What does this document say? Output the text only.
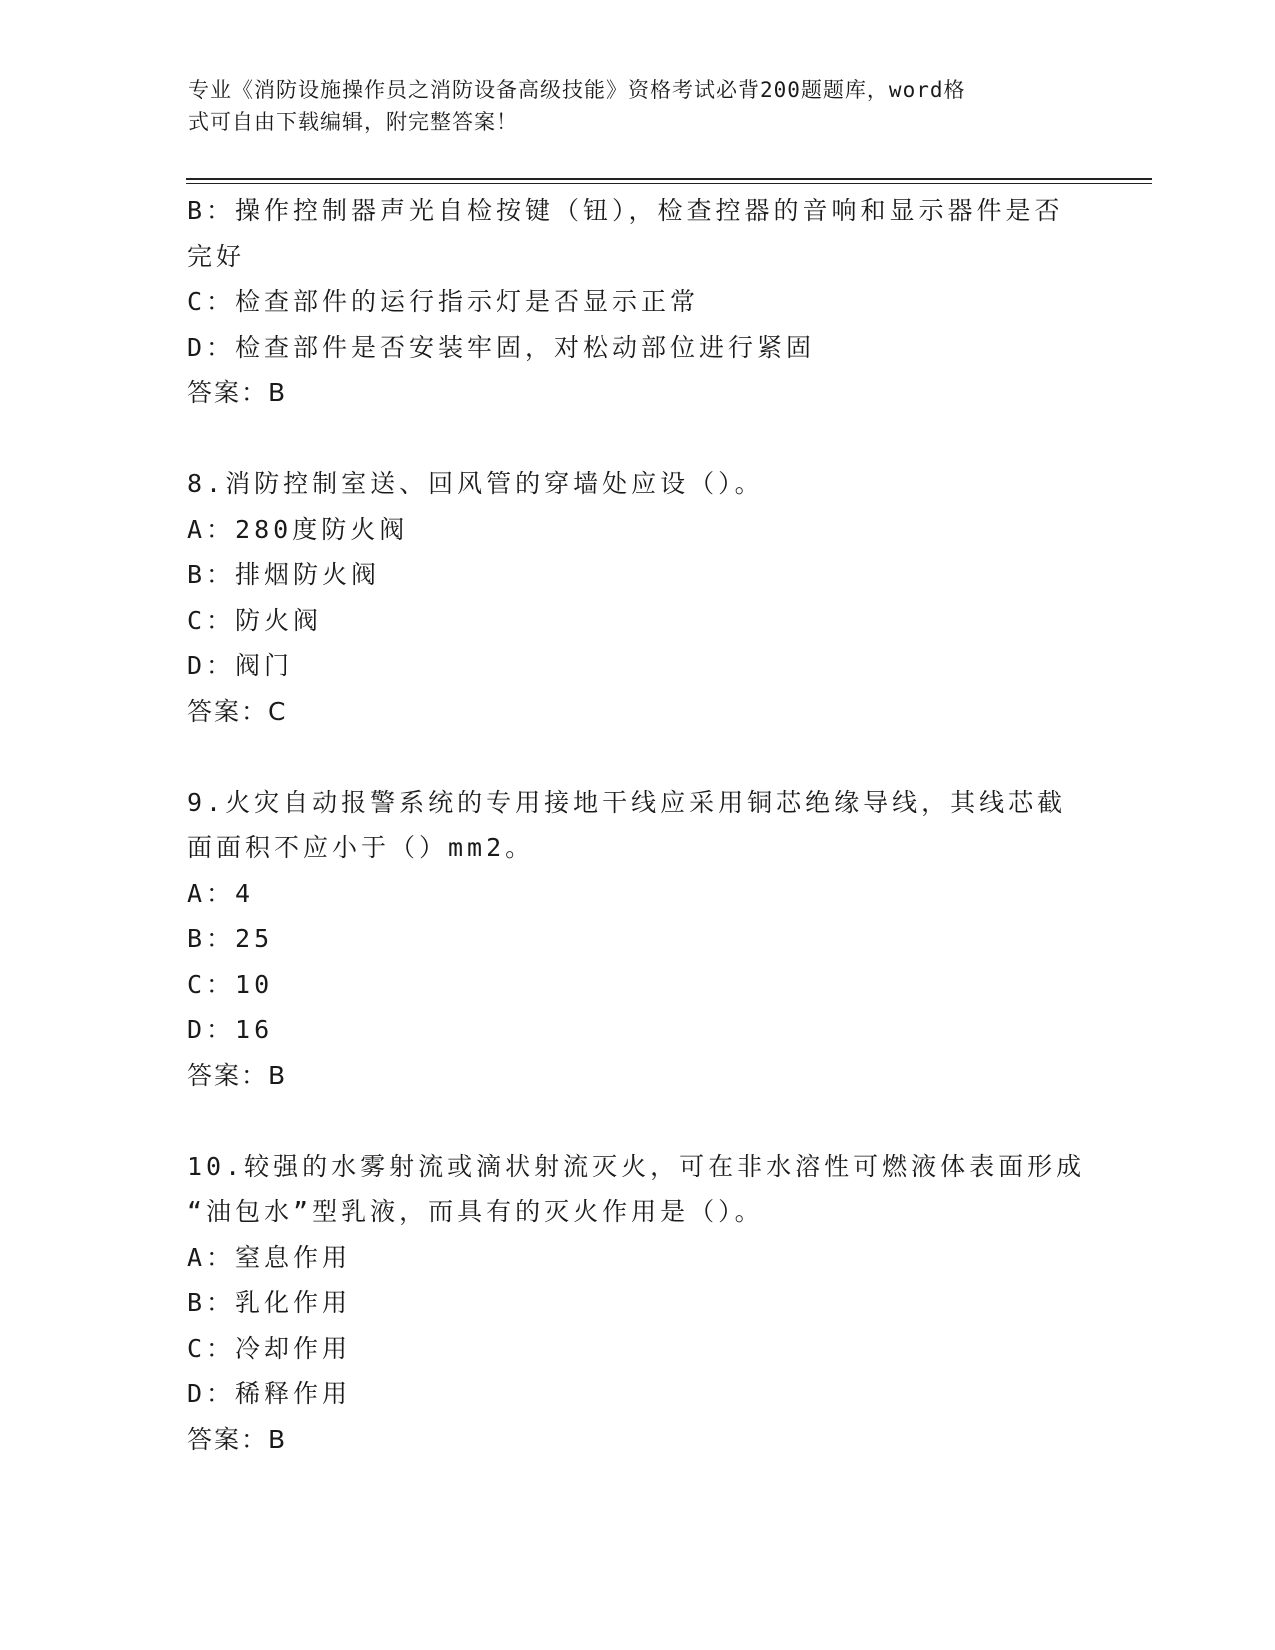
专业《消防设施操作员之消防设备高级技能》资格考试必背200题题库，word格
式可自由下载编辑，附完整答案！
B：操作控制器声光自检按键（钮），检查控器的音响和显示器件是否
完好
C：检查部件的运行指示灯是否显示正常
D：检查部件是否安装牢固，对松动部位进行紧固
答案：B
8.消防控制室送、回风管的穿墙处应设（）。
A：280度防火阀
B：排烟防火阀
C：防火阀
D：阀门
答案：C
9.火灾自动报警系统的专用接地干线应采用铜芯绝缘导线，其线芯截
面面积不应小于（）mm2。
A：4
B：25
C：10
D：16
答案：B
10.较强的水雾射流或滴状射流灭火，可在非水溶性可燃液体表面形成
“油包水”型乳液，而具有的灭火作用是（）。
A：窒息作用
B：乳化作用
C：冷却作用
D：稀释作用
答案：B
